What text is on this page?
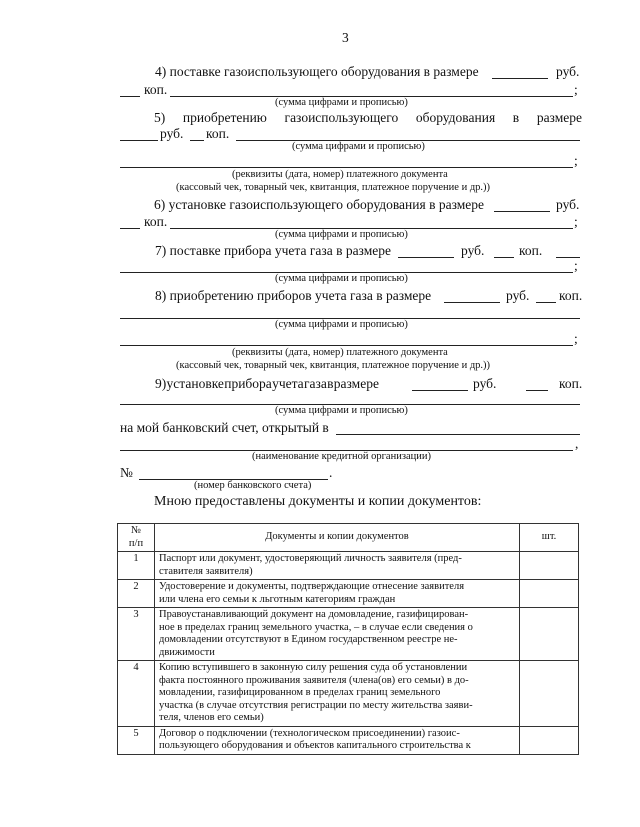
3
4) поставке газоиспользующего оборудования в размере	руб.
коп.	;
(сумма цифрами и прописью)
5) приобретению газоиспользующего оборудования в размере
руб. коп.
(сумма цифрами и прописью)
;
(реквизиты (дата, номер) платежного документа
(кассовый чек, товарный чек, квитанция, платежное поручение и др.))
6) установке газоиспользующего оборудования в размере	руб.
коп.	;
(сумма цифрами и прописью)
7) поставке прибора учета газа в размере	руб.	коп.
;
(сумма цифрами и прописью)
8) приобретению приборов учета газа в размере	руб. коп.
(сумма цифрами и прописью)
;
(реквизиты (дата, номер) платежного документа
(кассовый чек, товарный чек, квитанция, платежное поручение и др.))
9) установке прибора учета газа в размере	руб.	коп.
(сумма цифрами и прописью)
на мой банковский счет, открытый в
,
(наименование кредитной организации)
№	.
(номер банковского счета)
Мною предоставлены документы и копии документов:
№
п/п	Документы и копии документов	шт.
1	Паспорт или документ, удостоверяющий личность заявителя (пред-
ставителя заявителя)	
2	Удостоверение и документы, подтверждающие отнесение заявителя
или члена его семьи к льготным категориям граждан	
3	Правоустанавливающий документ на домовладение, газифицирован-
ное в пределах границ земельного участка, – в случае если сведения о
домовладении отсутствуют в Едином государственном реестре не-
движимости	
4	Копию вступившего в законную силу решения суда об установлении
факта постоянного проживания заявителя (члена(ов) его семьи) в до-
мовладении, газифицированном в пределах границ земельного
участка (в случае отсутствия регистрации по месту жительства заяви-
теля, членов его семьи)	
5	Договор о подключении (технологическом присоединении) газоис-
пользующего оборудования и объектов капитального строительства к	
